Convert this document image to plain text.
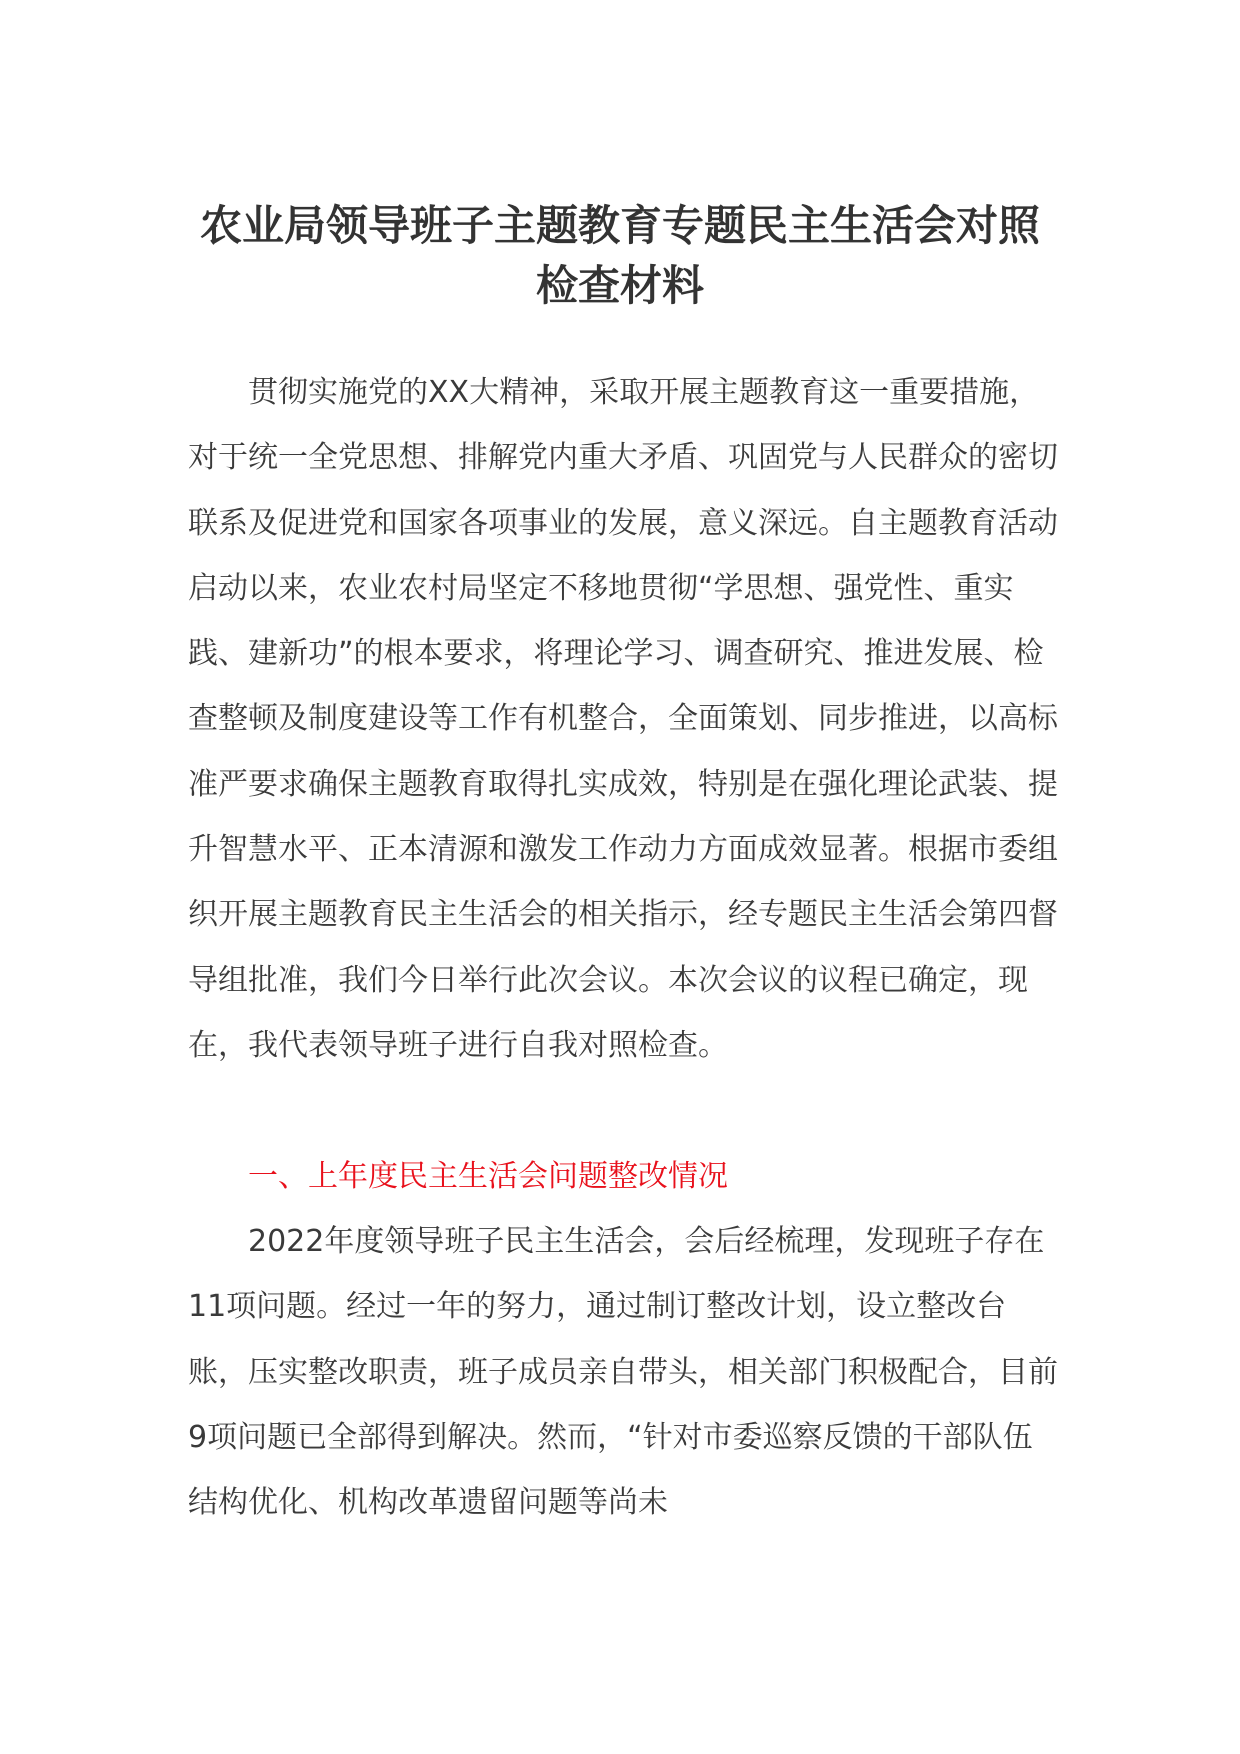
农业局领导班子主题教育专题民主生活会对照检查材料

贯彻实施党的XX大精神，采取开展主题教育这一重要措施，对于统一全党思想、排解党内重大矛盾、巩固党与人民群众的密切联系及促进党和国家各项事业的发展，意义深远。自主题教育活动启动以来，农业农村局坚定不移地贯彻“学思想、强党性、重实践、建新功”的根本要求，将理论学习、调查研究、推进发展、检查整顿及制度建设等工作有机整合，全面策划、同步推进，以高标准严要求确保主题教育取得扎实成效，特别是在强化理论武装、提升智慧水平、正本清源和激发工作动力方面成效显著。根据市委组织开展主题教育民主生活会的相关指示，经专题民主生活会第四督导组批准，我们今日举行此次会议。本次会议的议程已确定，现在，我代表领导班子进行自我对照检查。

一、上年度民主生活会问题整改情况

2022年度领导班子民主生活会，会后经梳理，发现班子存在11项问题。经过一年的努力，通过制订整改计划，设立整改台账，压实整改职责，班子成员亲自带头，相关部门积极配合，目前9项问题已全部得到解决。然而，“针对市委巡察反馈的干部队伍结构优化、机构改革遗留问题等尚未
